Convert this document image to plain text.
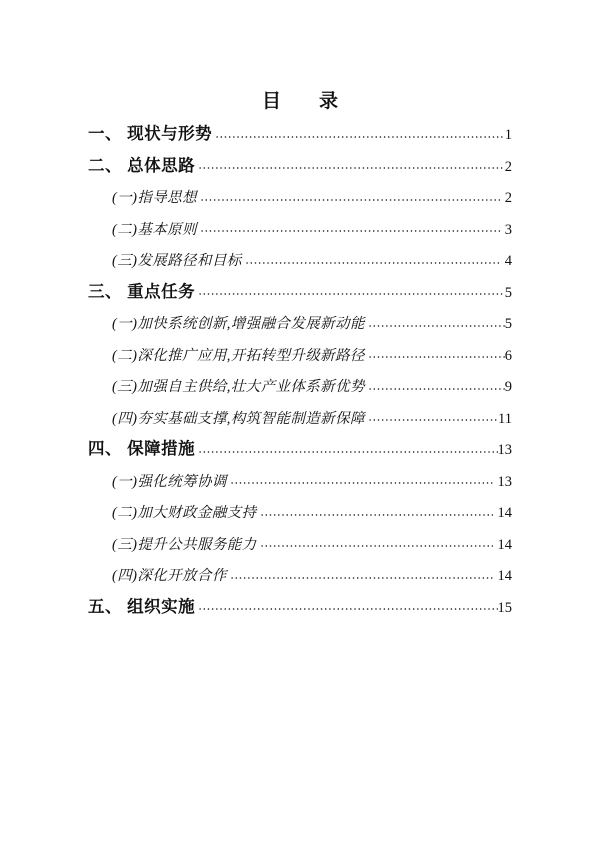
目　　录
一、 现状与形势	1
二、 总体思路	2
(一)指导思想	2
(二)基本原则	3
(三)发展路径和目标	4
三、 重点任务	5
(一)加快系统创新,增强融合发展新动能	5
(二)深化推广应用,开拓转型升级新路径	6
(三)加强自主供给,壮大产业体系新优势	9
(四)夯实基础支撑,构筑智能制造新保障	11
四、 保障措施	13
(一)强化统筹协调	13
(二)加大财政金融支持	14
(三)提升公共服务能力	14
(四)深化开放合作	14
五、 组织实施	15
